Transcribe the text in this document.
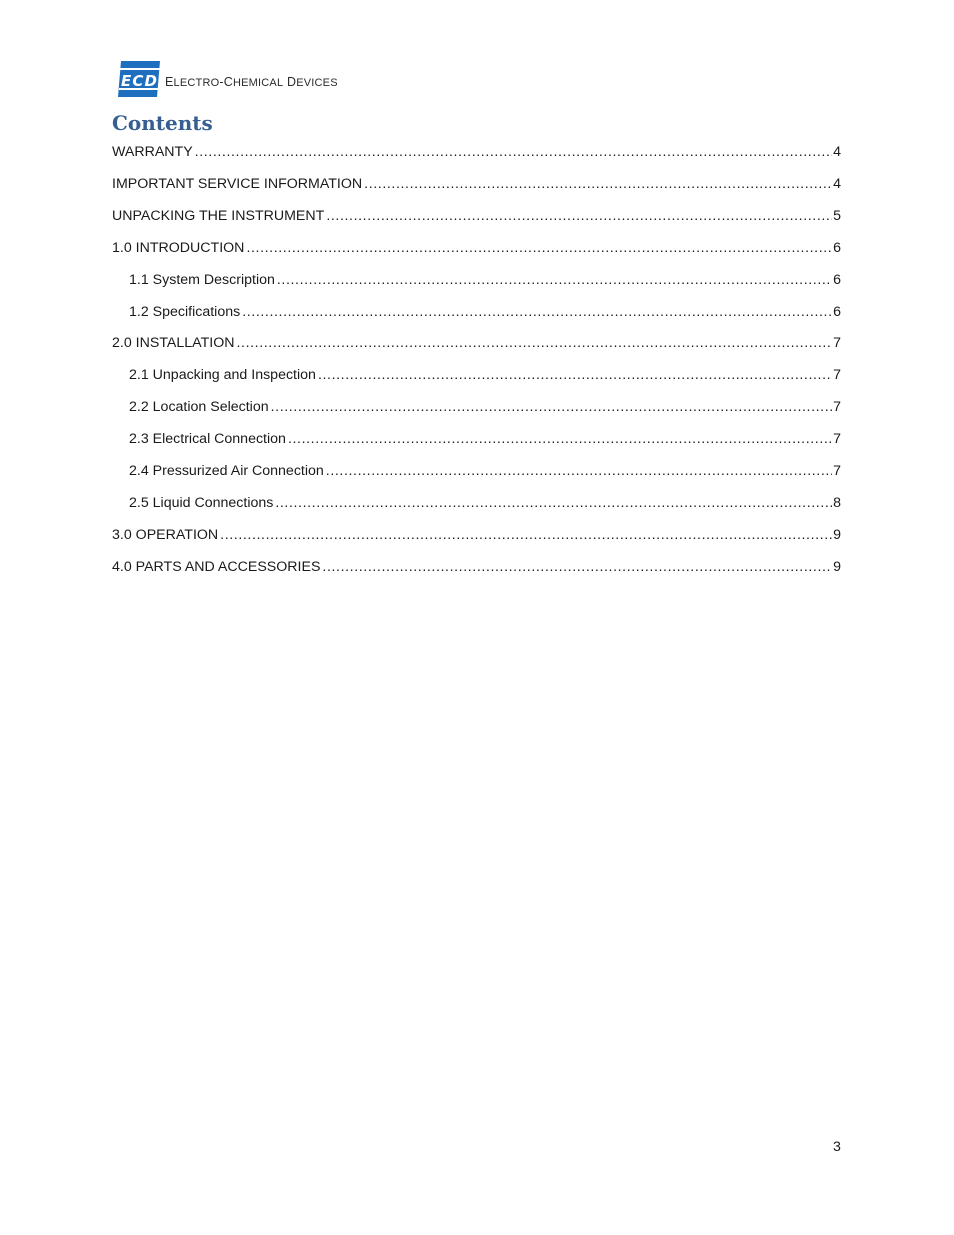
ECD ELECTRO-CHEMICAL DEVICES
Contents
WARRANTY .....	4
IMPORTANT SERVICE INFORMATION .....	4
UNPACKING THE INSTRUMENT .....	5
1.0 INTRODUCTION .....	6
1.1 System Description .....	6
1.2 Specifications .....	6
2.0 INSTALLATION .....	7
2.1 Unpacking and Inspection .....	7
2.2 Location Selection .....	7
2.3 Electrical Connection .....	7
2.4 Pressurized Air Connection .....	7
2.5 Liquid Connections .....	8
3.0 OPERATION .....	9
4.0 PARTS AND ACCESSORIES .....	9
3
